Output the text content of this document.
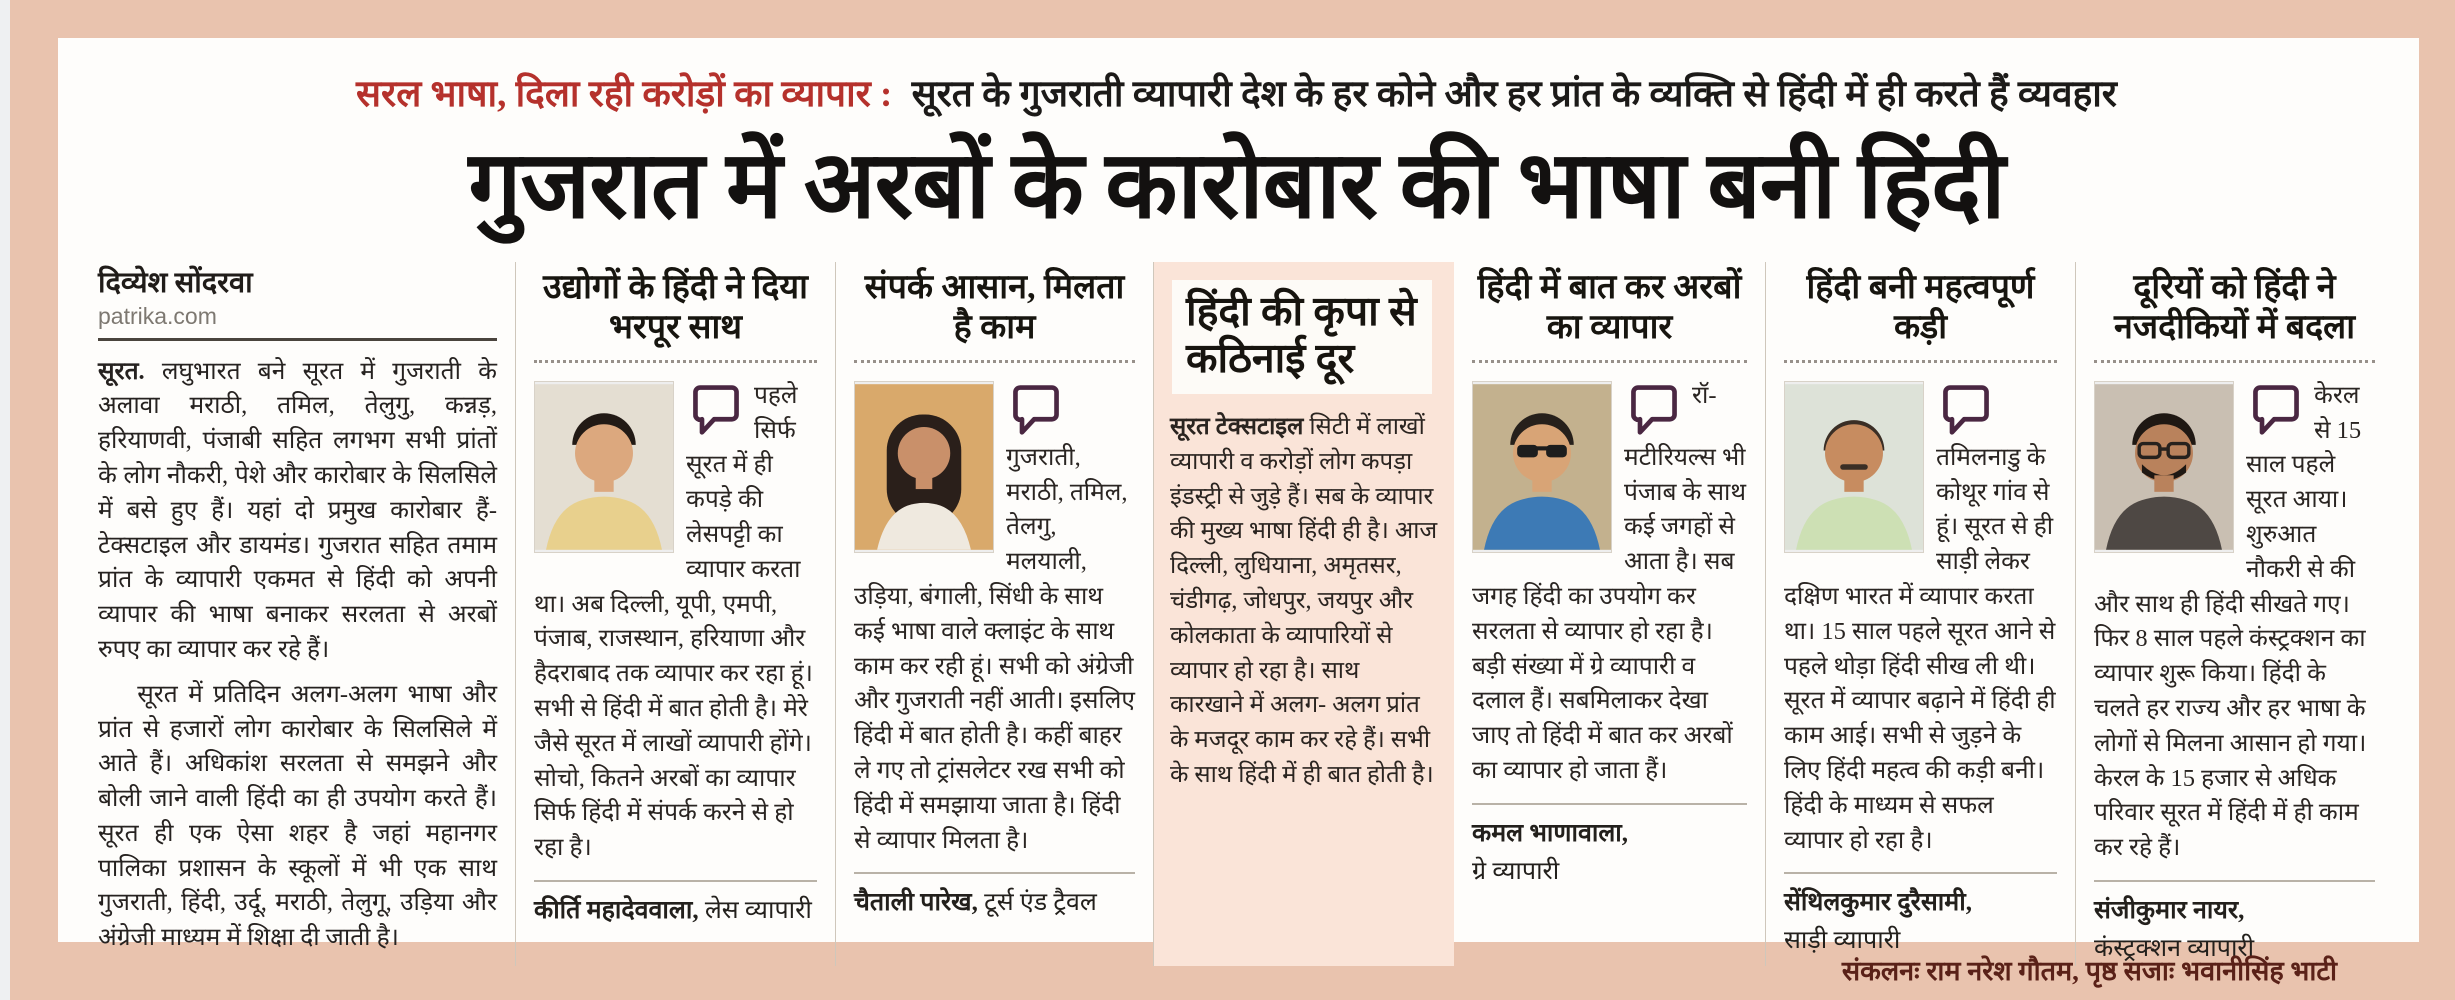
सरल भाषा, दिला रही करोड़ों का व्यापार : सूरत के गुजराती व्यापारी देश के हर कोने और हर प्रांत के व्यक्ति से हिंदी में ही करते हैं व्यवहार
गुजरात में अरबों के कारोबार की भाषा बनी हिंदी
दिव्येश सोंदरवा
patrika.com

सूरत. लघुभारत बने सूरत में गुजराती के अलावा मराठी, तमिल, तेलुगु, कन्नड़, हरियाणवी, पंजाबी सहित लगभग सभी प्रांतों के लोग नौकरी, पेशे और कारोबार के सिलसिले में बसे हुए हैं। यहां दो प्रमुख कारोबार हैं- टेक्सटाइल और डायमंड। गुजरात सहित तमाम प्रांत के व्यापारी एकमत से हिंदी को अपनी व्यापार की भाषा बनाकर सरलता से अरबों रुपए का व्यापार कर रहे हैं।

सूरत में प्रतिदिन अलग-अलग भाषा और प्रांत से हजारों लोग कारोबार के सिलसिले में आते हैं। अधिकांश सरलता से समझने और बोली जाने वाली हिंदी का ही उपयोग करते हैं। सूरत ही एक ऐसा शहर है जहां महानगर पालिका प्रशासन के स्कूलों में भी एक साथ गुजराती, हिंदी, उर्दू, मराठी, तेलुगू, उड़िया और अंग्रेजी माध्यम में शिक्षा दी जाती है।

उद्योगों के हिंदी ने दिया भरपूर साथ

पहले सिर्फ सूरत में ही कपड़े की लेसपट्टी का व्यापार करता था। अब दिल्ली, यूपी, एमपी, पंजाब, राजस्थान, हरियाणा और हैदराबाद तक व्यापार कर रहा हूं। सभी से हिंदी में बात होती है। मेरे जैसे सूरत में लाखों व्यापारी होंगे। सोचो, कितने अरबों का व्यापार सिर्फ हिंदी में संपर्क करने से हो रहा है।

कीर्ति महादेववाला, लेस व्यापारी
संपर्क आसान, मिलता है काम

गुजराती, मराठी, तमिल, तेलगु, मलयाली, उड़िया, बंगाली, सिंधी के साथ कई भाषा वाले क्लाइंट के साथ काम कर रही हूं। सभी को अंग्रेजी और गुजराती नहीं आती। इसलिए हिंदी में बात होती है। कहीं बाहर ले गए तो ट्रांसलेटर रख सभी को हिंदी में समझाया जाता है। हिंदी से व्यापार मिलता है।

चैताली पारेख, टूर्स एंड ट्रैवल
हिंदी की कृपा से कठिनाई दूर

सूरत टेक्सटाइल सिटी में लाखों व्यापारी व करोड़ों लोग कपड़ा इंडस्ट्री से जुड़े हैं। सब के व्यापार की मुख्य भाषा हिंदी ही है। आज दिल्ली, लुधियाना, अमृतसर, चंडीगढ़, जोधपुर, जयपुर और कोलकाता के व्यापारियों से व्यापार हो रहा है। साथ कारखाने में अलग- अलग प्रांत के मजदूर काम कर रहे हैं। सभी के साथ हिंदी में ही बात होती है।

हिंदी में बात कर अरबों का व्यापार

रॉ-मटीरियल्स भी पंजाब के साथ कई जगहों से आता है। सब जगह हिंदी का उपयोग कर सरलता से व्यापार हो रहा है। बड़ी संख्या में ग्रे व्यापारी व दलाल हैं। सबमिलाकर देखा जाए तो हिंदी में बात कर अरबों का व्यापार हो जाता हैं।

कमल भाणावाला,
ग्रे व्यापारी
हिंदी बनी महत्वपूर्ण कड़ी

तमिलनाडु के कोथूर गांव से हूं। सूरत से ही साड़ी लेकर दक्षिण भारत में व्यापार करता था। 15 साल पहले सूरत आने से पहले थोड़ा हिंदी सीख ली थी। सूरत में व्यापार बढ़ाने में हिंदी ही काम आई। सभी से जुड़ने के लिए हिंदी महत्व की कड़ी बनी। हिंदी के माध्यम से सफल व्यापार हो रहा है।

सेंथिलकुमार दुरैसामी,
साड़ी व्यापारी
दूरियों को हिंदी ने नजदीकियों में बदला

केरल से 15 साल पहले सूरत आया। शुरुआत नौकरी से की और साथ ही हिंदी सीखते गए। फिर 8 साल पहले कंस्ट्रक्शन का व्यापार शुरू किया। हिंदी के चलते हर राज्य और हर भाषा के लोगों से मिलना आसान हो गया। केरल के 15 हजार से अधिक परिवार सूरत में हिंदी में ही काम कर रहे हैं।

संजीकुमार नायर,
कंस्ट्रक्शन व्यापारी
संकलनः राम नरेश गौतम, पृष्ठ सजाः भवानीसिंह भाटी
